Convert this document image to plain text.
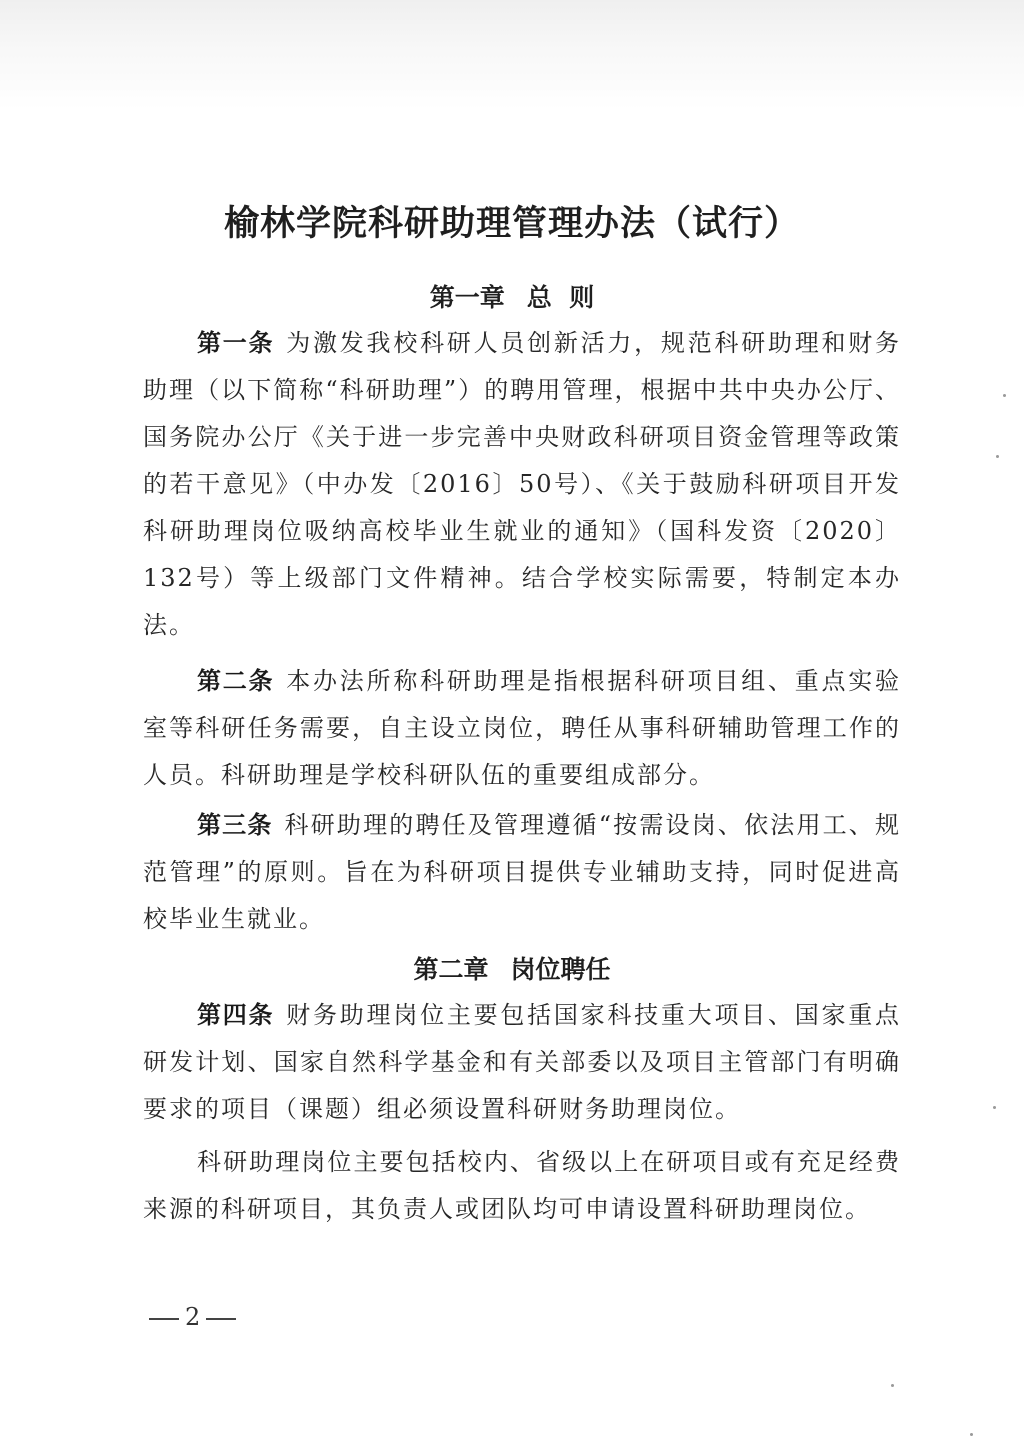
榆林学院科研助理管理办法（试行）
第一章 总  则

第一条 为激发我校科研人员创新活力，规范科研助理和财务助理（以下简称“科研助理”）的聘用管理，根据中共中央办公厅、国务院办公厅《关于进一步完善中央财政科研项目资金管理等政策的若干意见》（中办发〔2016〕50号）、《关于鼓励科研项目开发科研助理岗位吸纳高校毕业生就业的通知》（国科发资〔2020〕132号）等上级部门文件精神。结合学校实际需要，特制定本办法。

第二条 本办法所称科研助理是指根据科研项目组、重点实验室等科研任务需要，自主设立岗位，聘任从事科研辅助管理工作的人员。科研助理是学校科研队伍的重要组成部分。

第三条 科研助理的聘任及管理遵循“按需设岗、依法用工、规范管理”的原则。旨在为科研项目提供专业辅助支持，同时促进高校毕业生就业。

第二章 岗位聘任

第四条 财务助理岗位主要包括国家科技重大项目、国家重点研发计划、国家自然科学基金和有关部委以及项目主管部门有明确要求的项目（课题）组必须设置科研财务助理岗位。

科研助理岗位主要包括校内、省级以上在研项目或有充足经费来源的科研项目，其负责人或团队均可申请设置科研助理岗位。

2
